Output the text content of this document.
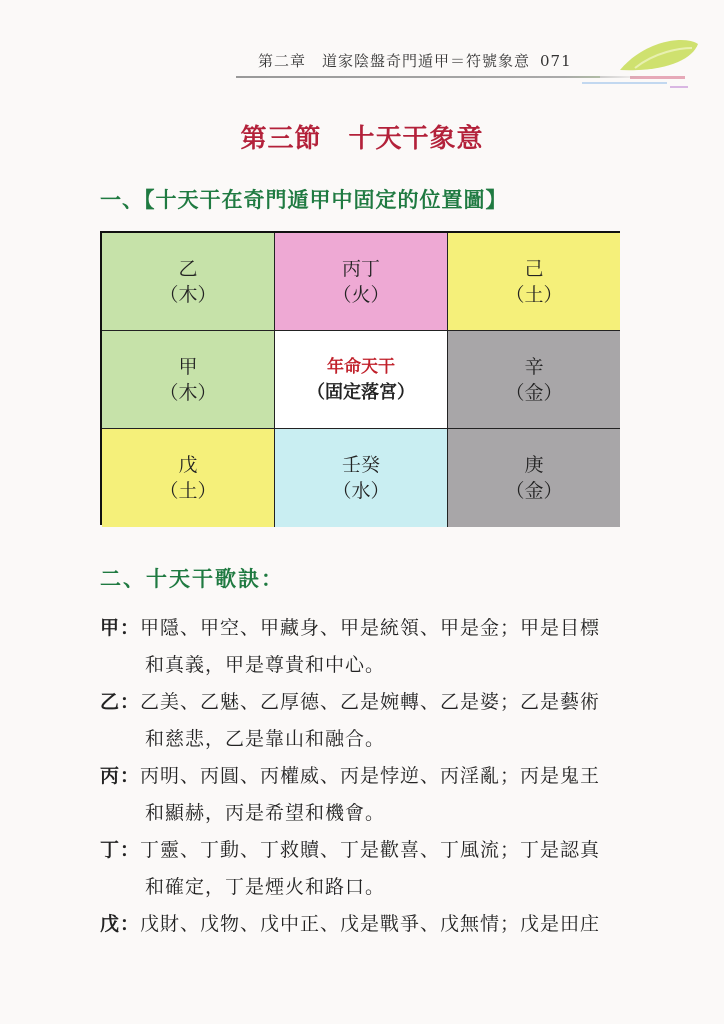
第二章　道家陰盤奇門遁甲＝符號象意 071
第三節　十天干象意
一、【十天干在奇門遁甲中固定的位置圖】
乙
（木）
丙丁
（火）
己
（土）
甲
（木）
年命天干
（固定落宮）
辛
（金）
戊
（土）
壬癸
（水）
庚
（金）
二、十天干歌訣：
甲：甲隱、甲空、甲藏身、甲是統領、甲是金；甲是目標
和真義，甲是尊貴和中心。
乙：乙美、乙魅、乙厚德、乙是婉轉、乙是婆；乙是藝術
和慈悲，乙是靠山和融合。
丙：丙明、丙圓、丙權威、丙是悖逆、丙淫亂；丙是鬼王
和顯赫，丙是希望和機會。
丁：丁靈、丁動、丁救贖、丁是歡喜、丁風流；丁是認真
和確定，丁是煙火和路口。
戊：戊財、戊物、戊中正、戊是戰爭、戊無情；戊是田庄
